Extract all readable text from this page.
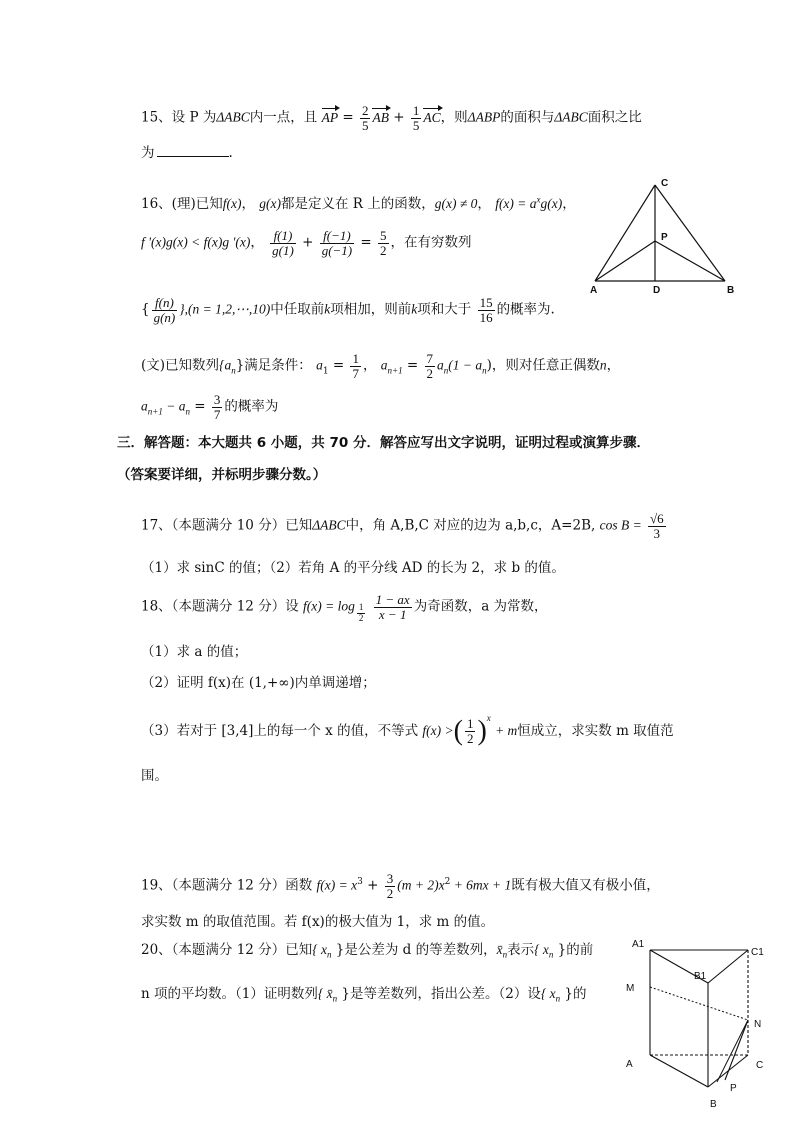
15、设 P 为ΔABC内一点，且 AP = $\frac{2}{5}$ AB + $\frac{1}{5}$ AC，则ΔABP的面积与ΔABC面积之比
为	.
16、(理)已知f(x)， g(x)都是定义在 R 上的函数，g(x) ≠ 0， $f(x) = a^xg(x)$，
f '(x)g(x) < f(x)g '(x)， $\frac{f(1)}{g(1)} + \frac{f(-1)}{g(-1)} = \frac{5}{2}$ ，在有穷数列
{ $\frac{f(n)}{g(n)} \},(n$ = 1,2,⋯,10)中任取前k项相加，则前k项和大于 $\frac{15}{16}$ 的概率为.
(文)已知数列$\{a_n\}$满足条件： $a_1 = \frac{1}{7}$ ， $a_{n+1} = \frac{7}{2} a_n(1 - a_n)$，则对任意正偶数n，
$a_{n+1} - a_n = \frac{3}{7}$ 的概率为
C
P
A	D	B
三．解答题：本大题共 6 小题，共 70 分．解答应写出文字说明，证明过程或演算步骤．
（答案要详细，并标明步骤分数。）
17、（本题满分 10 分）已知ΔABC中，角 A,B,C 对应的边为 a,b,c，A=2B, $\cos B = \frac{√6}{3}$
（1）求 sinC 的值；（2）若角 A 的平分线 AD 的长为 2，求 b 的值。
18、（本题满分 12 分）设 $f(x) = \log \frac{1}{2}$
$\frac{1 - ax}{x - 1}$ 为奇函数，a 为常数，
（1）求 a 的值；
（2）证明 f(x)在 (1,+∞)内单调递增；
（3）若对于 [3,4]上的每一个 x 的值，不等式 f(x) >( $\frac{1}{2} )^x + m$恒成立，求实数 m 取值范
围。
19、（本题满分 12 分）函数 $f(x) = x^3 + \frac{3}{2} (m + 2)x^2 + 6mx + 1$既有极大值又有极小值，
求实数 m 的取值范围。若 f(x)的极大值为 1，求 m 的值。
20、（本题满分 12 分）已知{ $x_n$ }是公差为 d 的等差数列，$x̄_n$表示{ $x_n$ }的前
n 项的平均数。（1）证明数列{ $x̄_n$ }是等差数列，指出公差。（2）设{ $x_n$ }的
A1
C1
B1
M
N
A	C
P
B
